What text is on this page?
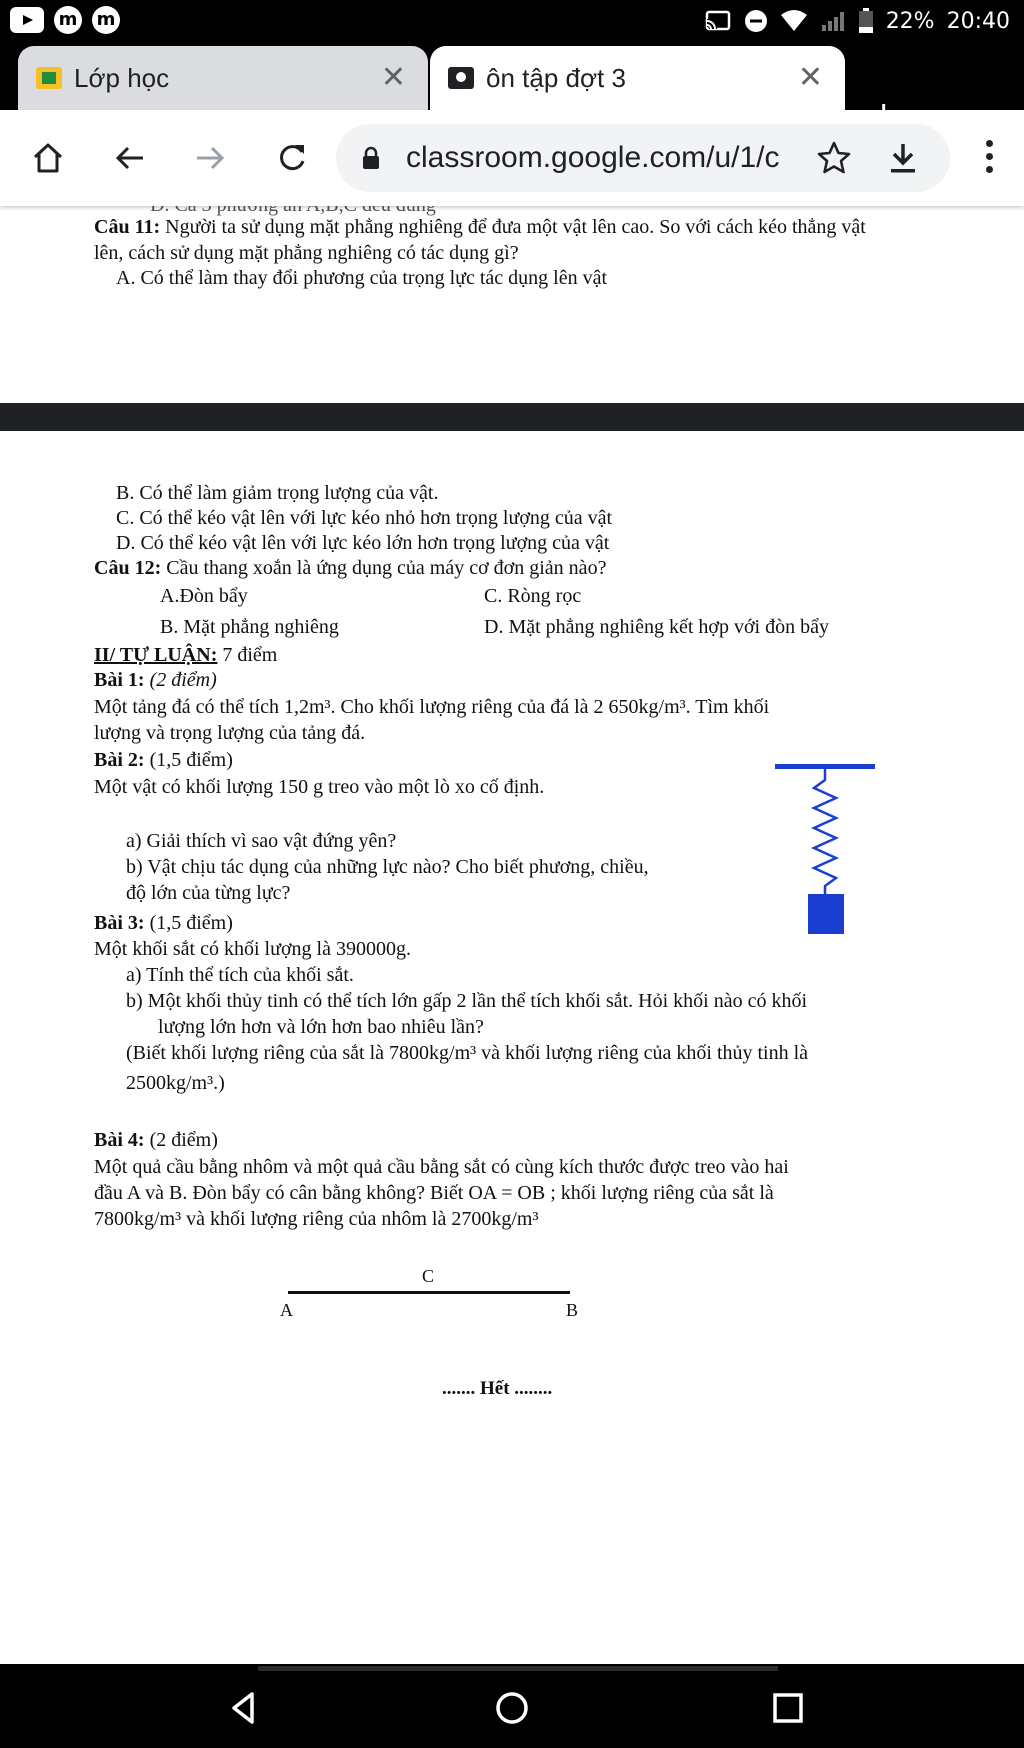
m m	22% 20:40
Lớp học	✕	ôn tập đợt 3	✕
classroom.google.com/u/1/c
Câu 11: Người ta sử dụng mặt phẳng nghiêng để đưa một vật lên cao. So với cách kéo thẳng vật
lên, cách sử dụng mặt phẳng nghiêng có tác dụng gì?
A. Có thể làm thay đổi phương của trọng lực tác dụng lên vật
B. Có thể làm giảm trọng lượng của vật.
C. Có thể kéo vật lên với lực kéo nhỏ hơn trọng lượng của vật
D. Có thể kéo vật lên với lực kéo lớn hơn trọng lượng của vật
Câu 12: Cầu thang xoắn là ứng dụng của máy cơ đơn giản nào?
A.Đòn bẩy	C. Ròng rọc
B. Mặt phẳng nghiêng	D. Mặt phẳng nghiêng kết hợp với đòn bẩy
II/ TỰ LUẬN: 7 điểm
Bài 1: (2 điểm)
Một tảng đá có thể tích 1,2m³. Cho khối lượng riêng của đá là 2 650kg/m³. Tìm khối
lượng và trọng lượng của tảng đá.
Bài 2: (1,5 điểm)
Một vật có khối lượng 150 g treo vào một lò xo cố định.
a) Giải thích vì sao vật đứng yên?
b) Vật chịu tác dụng của những lực nào? Cho biết phương, chiều,
độ lớn của từng lực?
Bài 3: (1,5 điểm)
Một khối sắt có khối lượng là 390000g.
a) Tính thể tích của khối sắt.
b) Một khối thủy tinh có thể tích lớn gấp 2 lần thể tích khối sắt. Hỏi khối nào có khối
lượng lớn hơn và lớn hơn bao nhiêu lần?
(Biết khối lượng riêng của sắt là 7800kg/m³ và khối lượng riêng của khối thủy tinh là
2500kg/m³.)
Bài 4: (2 điểm)
Một quả cầu bằng nhôm và một quả cầu bằng sắt có cùng kích thước được treo vào hai
đầu A và B. Đòn bẩy có cân bằng không? Biết OA = OB ; khối lượng riêng của sắt là
7800kg/m³ và khối lượng riêng của nhôm là 2700kg/m³
C
A	B
....... Hết ........
